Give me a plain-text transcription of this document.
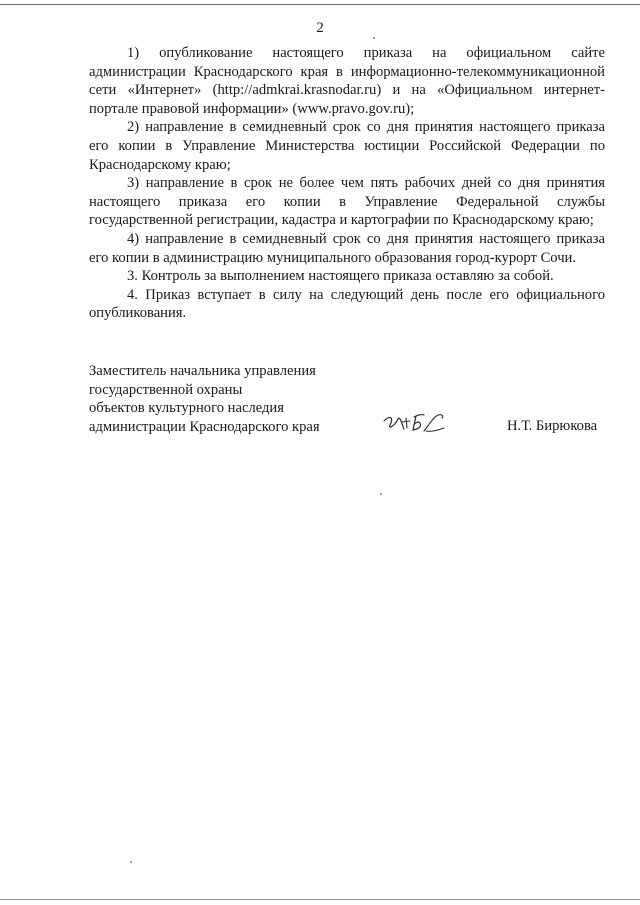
2

1) опубликование настоящего приказа на официальном сайте администрации Краснодарского края в информационно-телекоммуникационной сети «Интернет» (http://admkrai.krasnodar.ru) и на «Официальном интернет-портале правовой информации» (www.pravo.gov.ru);

2) направление в семидневный срок со дня принятия настоящего приказа его копии в Управление Министерства юстиции Российской Федерации по Краснодарскому краю;

3) направление в срок не более чем пять рабочих дней со дня принятия настоящего приказа его копии в Управление Федеральной службы государственной регистрации, кадастра и картографии по Краснодарскому краю;

4) направление в семидневный срок со дня принятия настоящего приказа его копии в администрацию муниципального образования город-курорт Сочи.

3. Контроль за выполнением настоящего приказа оставляю за собой.

4. Приказ вступает в силу на следующий день после его официального опубликования.

Заместитель начальника управления
государственной охраны
объектов культурного наследия
администрации Краснодарского края	Н.Т. Бирюкова
